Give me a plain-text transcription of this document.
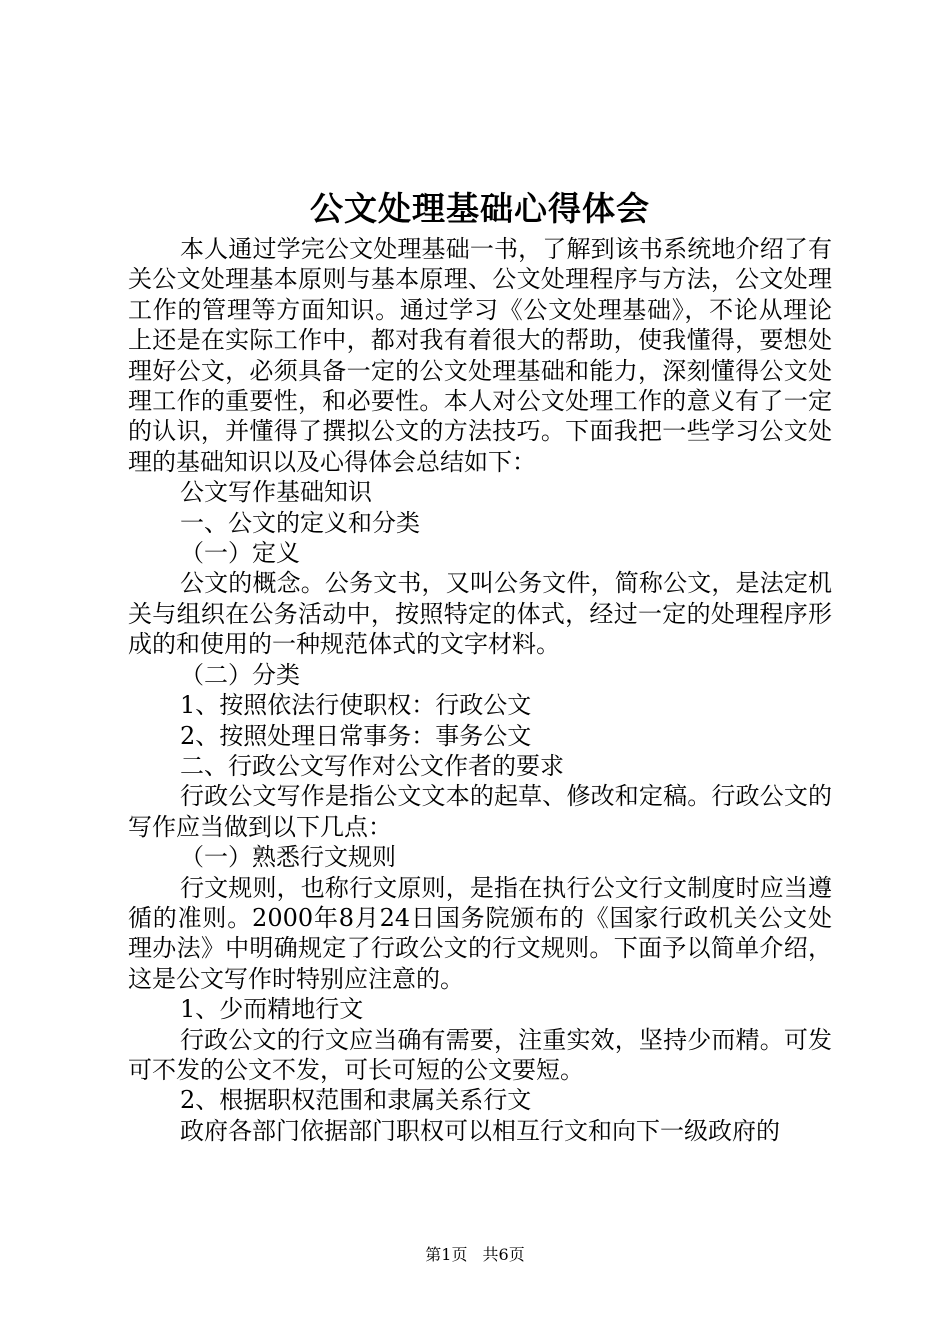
公文处理基础心得体会

本人通过学完公文处理基础一书，了解到该书系统地介绍了有关公文处理基本原则与基本原理、公文处理程序与方法，公文处理工作的管理等方面知识。通过学习《公文处理基础》，不论从理论上还是在实际工作中，都对我有着很大的帮助，使我懂得，要想处理好公文，必须具备一定的公文处理基础和能力，深刻懂得公文处理工作的重要性，和必要性。本人对公文处理工作的意义有了一定的认识，并懂得了撰拟公文的方法技巧。下面我把一些学习公文处理的基础知识以及心得体会总结如下：

公文写作基础知识

一、公文的定义和分类

（一）定义

公文的概念。公务文书，又叫公务文件，简称公文，是法定机关与组织在公务活动中，按照特定的体式，经过一定的处理程序形成的和使用的一种规范体式的文字材料。

（二）分类

1、按照依法行使职权：行政公文

2、按照处理日常事务：事务公文

二、行政公文写作对公文作者的要求

行政公文写作是指公文文本的起草、修改和定稿。行政公文的写作应当做到以下几点：

（一）熟悉行文规则

行文规则，也称行文原则，是指在执行公文行文制度时应当遵循的准则。2000年8月24日国务院颁布的《国家行政机关公文处理办法》中明确规定了行政公文的行文规则。下面予以简单介绍，这是公文写作时特别应注意的。

1、少而精地行文

行政公文的行文应当确有需要，注重实效，坚持少而精。可发可不发的公文不发，可长可短的公文要短。

2、根据职权范围和隶属关系行文

政府各部门依据部门职权可以相互行文和向下一级政府的

第1页 共6页
